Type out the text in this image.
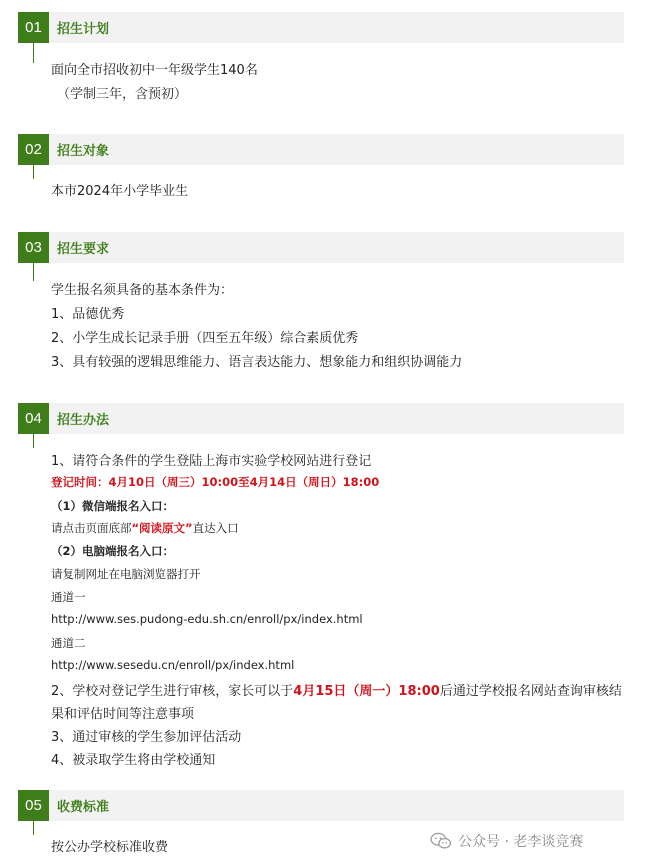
01	招生计划
面向全市招收初中一年级学生140名
（学制三年，含预初）
02	招生对象
本市2024年小学毕业生
03	招生要求
学生报名须具备的基本条件为：
1、品德优秀
2、小学生成长记录手册（四至五年级）综合素质优秀
3、具有较强的逻辑思维能力、语言表达能力、想象能力和组织协调能力
04	招生办法
1、请符合条件的学生登陆上海市实验学校网站进行登记
登记时间：4月10日（周三）10:00至4月14日（周日）18:00
（1）微信端报名入口：
请点击页面底部“阅读原文”直达入口
（2）电脑端报名入口：
请复制网址在电脑浏览器打开
通道一
http://www.ses.pudong-edu.sh.cn/enroll/px/index.html
通道二
http://www.sesedu.cn/enroll/px/index.html
2、学校对登记学生进行审核，家长可以于4月15日（周一）18:00后通过学校报名网站查询审核结
果和评估时间等注意事项
3、通过审核的学生参加评估活动
4、被录取学生将由学校通知
05	收费标准
按公办学校标准收费	公众号 · 老李谈竞赛
